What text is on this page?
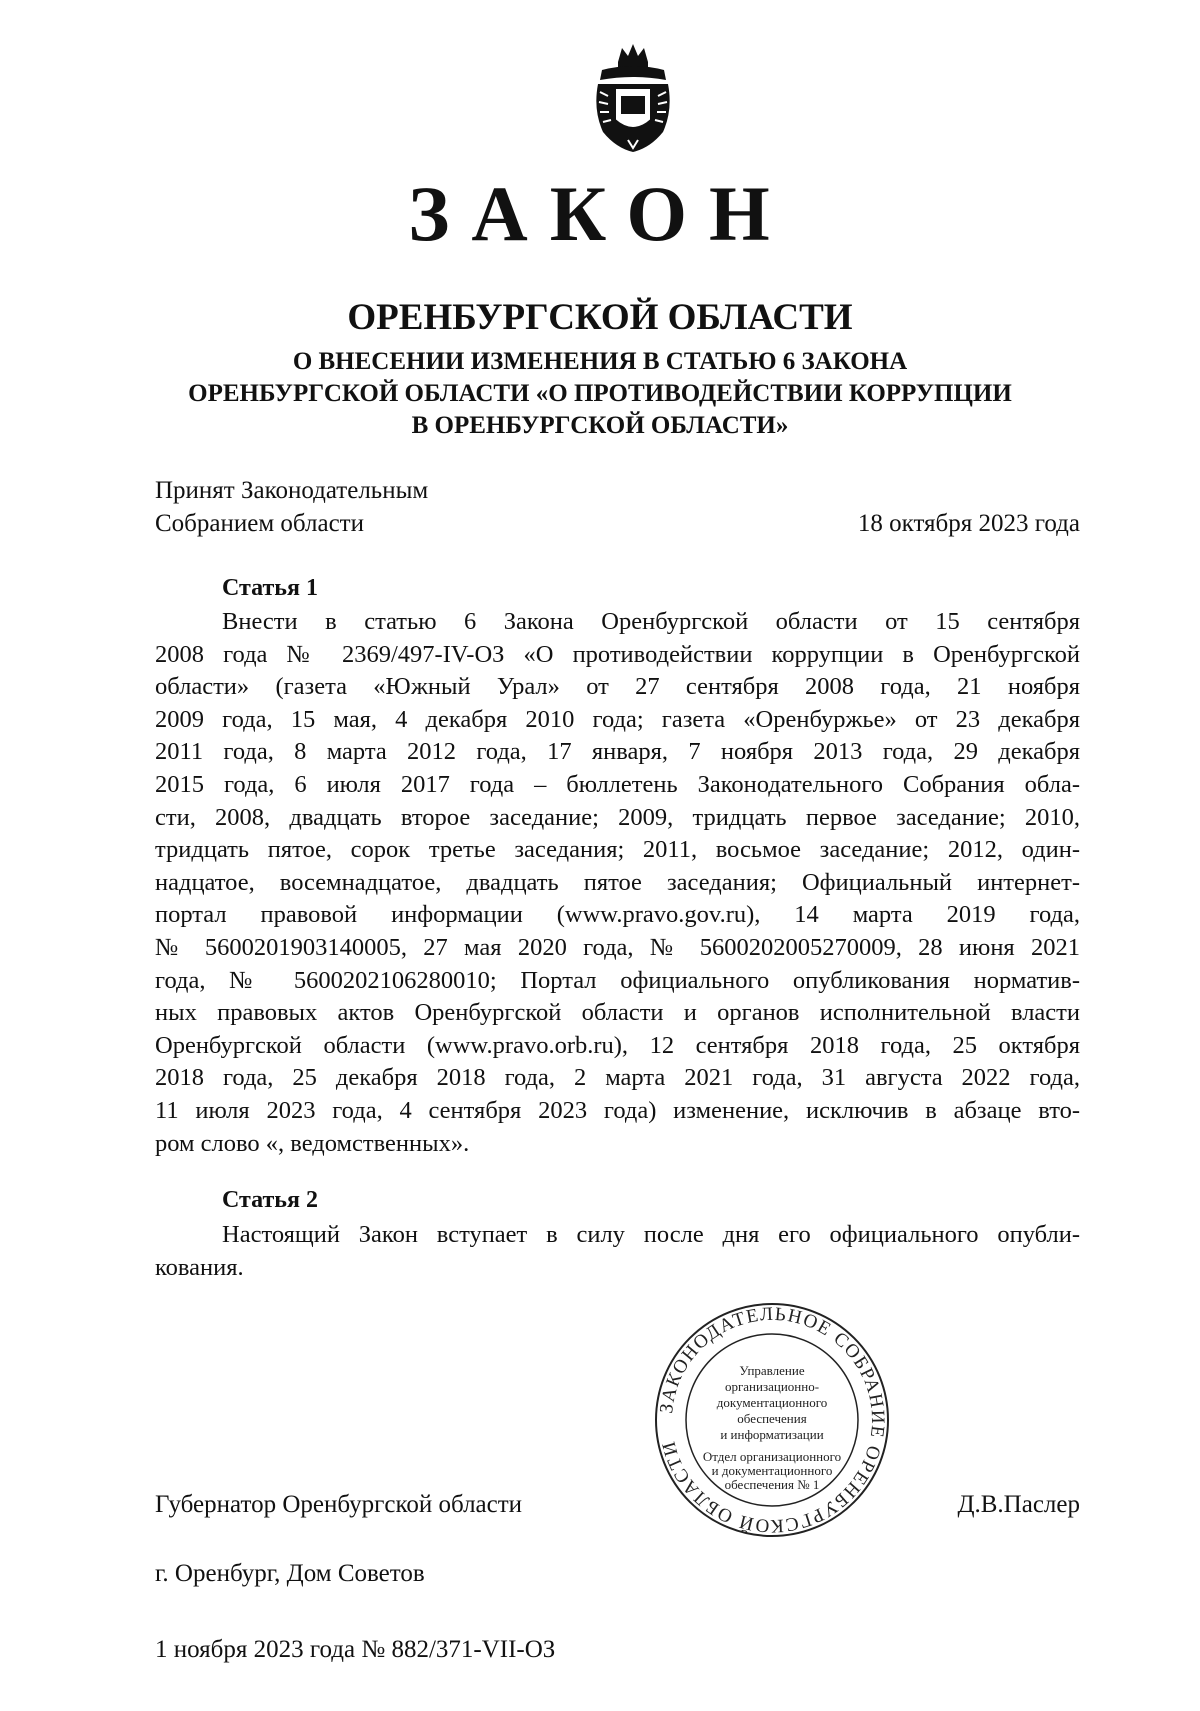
ЗАКОН
ОРЕНБУРГСКОЙ ОБЛАСТИ
О ВНЕСЕНИИ ИЗМЕНЕНИЯ В СТАТЬЮ 6 ЗАКОНА
ОРЕНБУРГСКОЙ ОБЛАСТИ «О ПРОТИВОДЕЙСТВИИ КОРРУПЦИИ
В ОРЕНБУРГСКОЙ ОБЛАСТИ»
Принят Законодательным
Собранием области	18 октября 2023 года
Статья 1
Внести в статью 6 Закона Оренбургской области от 15 сентября
2008 года № 2369/497-IV-ОЗ «О противодействии коррупции в Оренбургской
области» (газета «Южный Урал» от 27 сентября 2008 года, 21 ноября
2009 года, 15 мая, 4 декабря 2010 года; газета «Оренбуржье» от 23 декабря
2011 года, 8 марта 2012 года, 17 января, 7 ноября 2013 года, 29 декабря
2015 года, 6 июля 2017 года – бюллетень Законодательного Собрания обла-
сти, 2008, двадцать второе заседание; 2009, тридцать первое заседание; 2010,
тридцать пятое, сорок третье заседания; 2011, восьмое заседание; 2012, один-
надцатое, восемнадцатое, двадцать пятое заседания; Официальный интернет-
портал правовой информации (www.pravo.gov.ru), 14 марта 2019 года,
№ 5600201903140005, 27 мая 2020 года, № 5600202005270009, 28 июня 2021
года, № 5600202106280010; Портал официального опубликования норматив-
ных правовых актов Оренбургской области и органов исполнительной власти
Оренбургской области (www.pravo.orb.ru), 12 сентября 2018 года, 25 октября
2018 года, 25 декабря 2018 года, 2 марта 2021 года, 31 августа 2022 года,
11 июля 2023 года, 4 сентября 2023 года) изменение, исключив в абзаце вто-
ром слово «, ведомственных».
Статья 2
Настоящий Закон вступает в силу после дня его официального опубли-
кования.
ЗАКОНОДАТЕЛЬНОЕ СОБРАНИЕ ОРЕНБУРГСКОЙ ОБЛАСТИ
Управление
организационно-
документационного
обеспечения
и информатизации
Отдел организационного
и документационного
обеспечения № 1
Губернатор Оренбургской области	Д.В.Паслер
г. Оренбург, Дом Советов
1 ноября 2023 года № 882/371-VII-ОЗ
